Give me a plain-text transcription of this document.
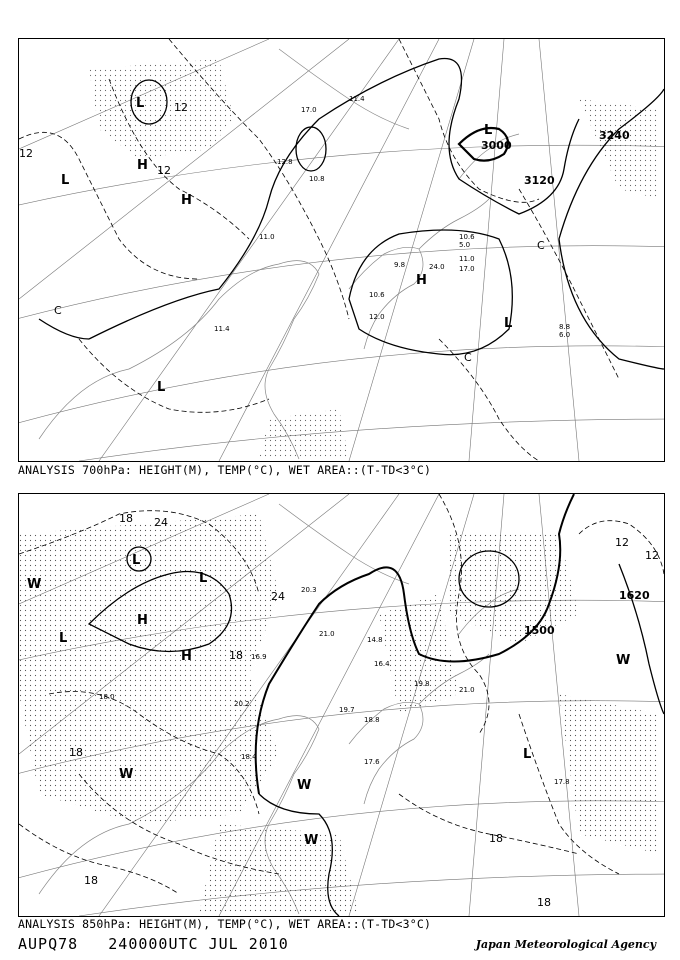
3000
3120
3240
12
12
12
C
C
C
L
H
H
L
L
L
H
L
17.0
11.4
10.8
12.8
10.6
11.0
12.0
9.8
11.4	8.8
10.6
11.0
5.0
6.0
24.0 17.0
ANALYSIS 700hPa: HEIGHT(M), TEMP(°C), WET AREA::(T-TD<3°C)
1500
1620
18 24
24
18
18
12
12
18
18
18
L
H
L
H
L
L
W
W
W
W
W
20.3
21.0
14.8
16.4
19.8
21.0
18.8
17.6
18.4
17.8
19.7
20.2
16.9
18.0
ANALYSIS 850hPa: HEIGHT(M), TEMP(°C), WET AREA::(T-TD<3°C)
AUPQ78   240000UTC JUL 2010	Japan Meteorological Agency
